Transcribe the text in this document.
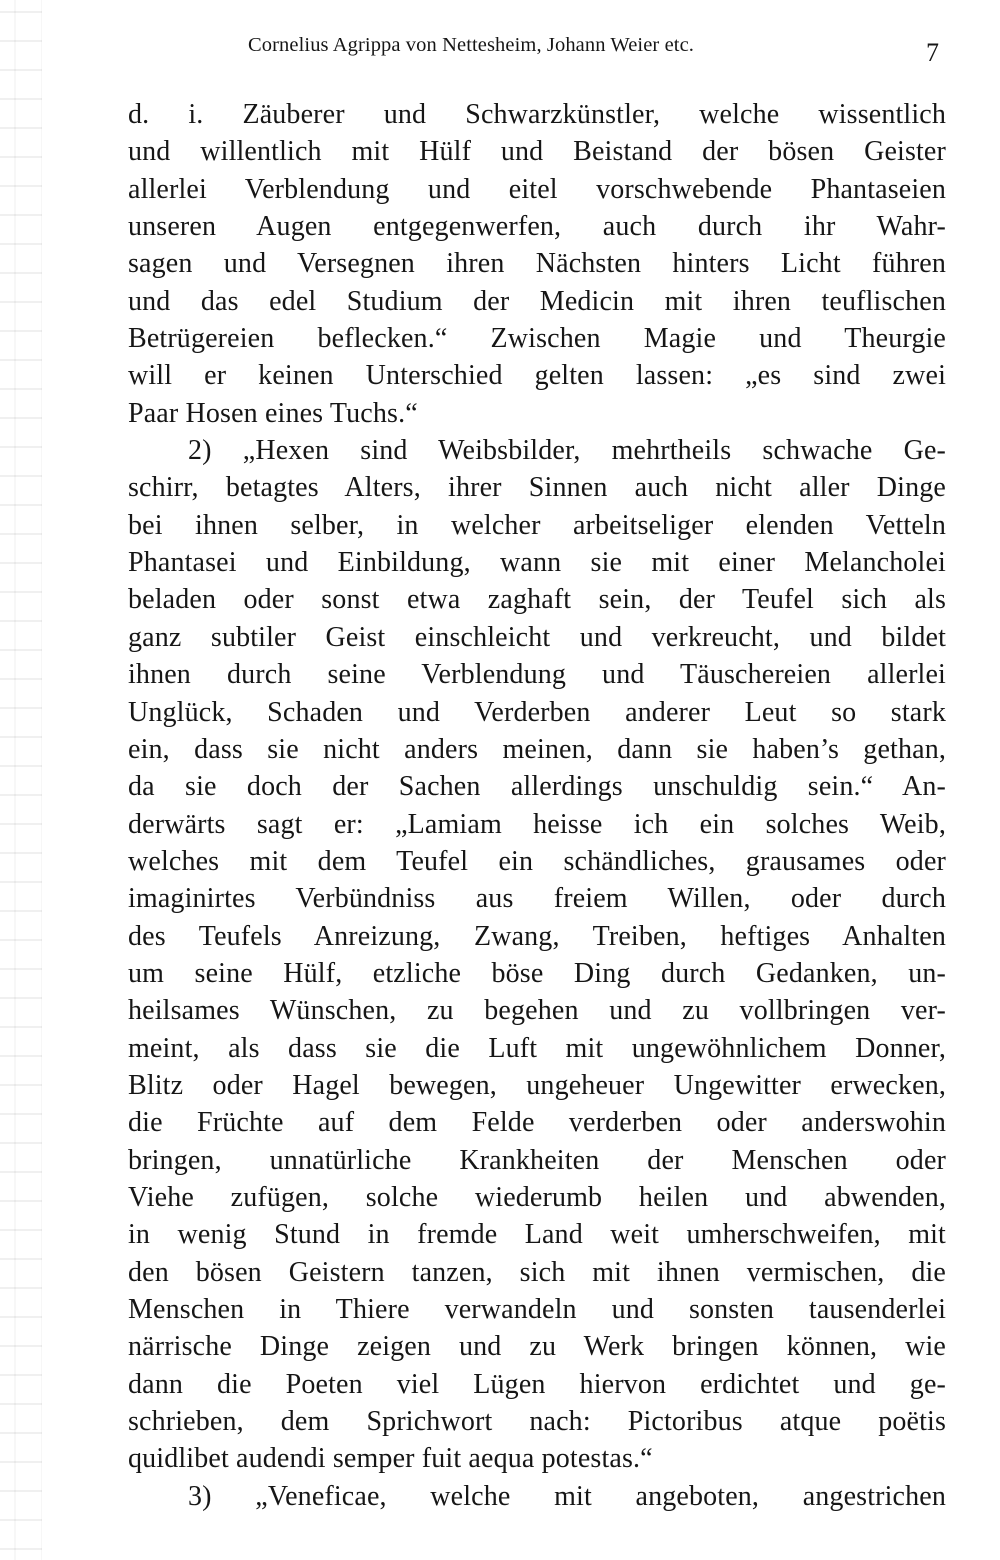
Cornelius Agrippa von Nettesheim, Johann Weier etc.	7
d. i. Zäuberer und Schwarzkünstler, welche wissentlich
und willentlich mit Hülf und Beistand der bösen Geister
allerlei Verblendung und eitel vorschwebende Phantaseien
unseren Augen entgegenwerfen, auch durch ihr Wahr-
sagen und Versegnen ihren Nächsten hinters Licht führen
und das edel Studium der Medicin mit ihren teuflischen
Betrügereien beflecken.“ Zwischen Magie und Theurgie
will er keinen Unterschied gelten lassen: „es sind zwei
Paar Hosen eines Tuchs.“
2) „Hexen sind Weibsbilder, mehrtheils schwache Ge-
schirr, betagtes Alters, ihrer Sinnen auch nicht aller Dinge
bei ihnen selber, in welcher arbeitseliger elenden Vetteln
Phantasei und Einbildung, wann sie mit einer Melancholei
beladen oder sonst etwa zaghaft sein, der Teufel sich als
ganz subtiler Geist einschleicht und verkreucht, und bildet
ihnen durch seine Verblendung und Täuschereien allerlei
Unglück, Schaden und Verderben anderer Leut so stark
ein, dass sie nicht anders meinen, dann sie haben’s gethan,
da sie doch der Sachen allerdings unschuldig sein.“ An-
derwärts sagt er: „Lamiam heisse ich ein solches Weib,
welches mit dem Teufel ein schändliches, grausames oder
imaginirtes Verbündniss aus freiem Willen, oder durch
des Teufels Anreizung, Zwang, Treiben, heftiges Anhalten
um seine Hülf, etzliche böse Ding durch Gedanken, un-
heilsames Wünschen, zu begehen und zu vollbringen ver-
meint, als dass sie die Luft mit ungewöhnlichem Donner,
Blitz oder Hagel bewegen, ungeheuer Ungewitter erwecken,
die Früchte auf dem Felde verderben oder anderswohin
bringen, unnatürliche Krankheiten der Menschen oder
Viehe zufügen, solche wiederumb heilen und abwenden,
in wenig Stund in fremde Land weit umherschweifen, mit
den bösen Geistern tanzen, sich mit ihnen vermischen, die
Menschen in Thiere verwandeln und sonsten tausenderlei
närrische Dinge zeigen und zu Werk bringen können, wie
dann die Poeten viel Lügen hiervon erdichtet und ge-
schrieben, dem Sprichwort nach: Pictoribus atque poëtis
quidlibet audendi semper fuit aequa potestas.“
3) „Veneficae, welche mit angeboten, angestrichen
